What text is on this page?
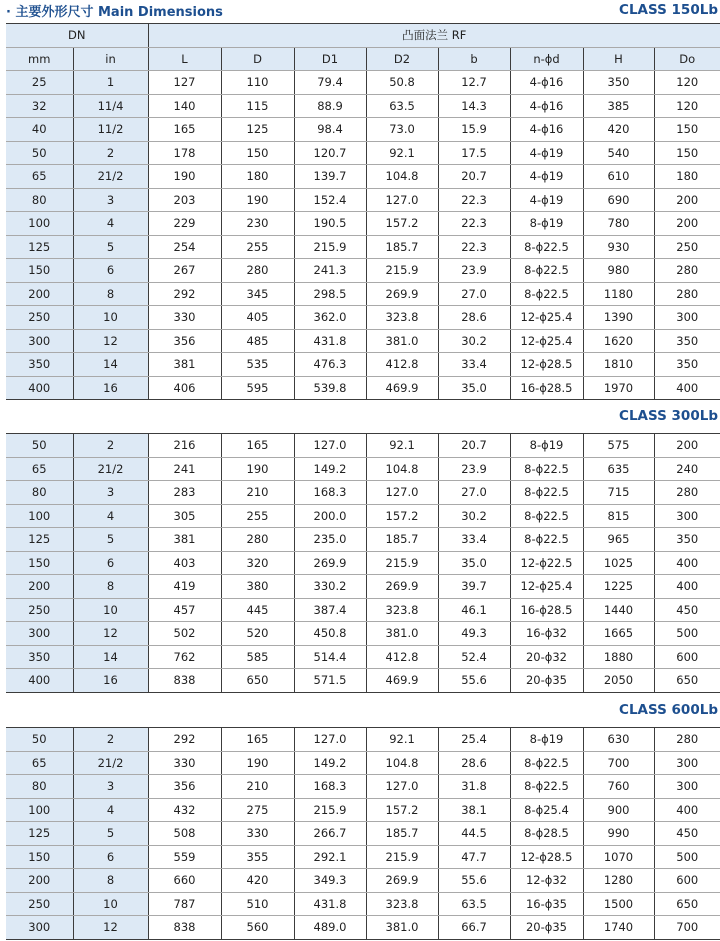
· 主要外形尺寸 Main Dimensions	CLASS 150Lb
DN		凸面法兰 RF							
mm	in	L	D	D1	D2	b	n-ϕd	H	Do
25	1	127	110	79.4	50.8	12.7	4-ϕ16	350	120
32	11/4	140	115	88.9	63.5	14.3	4-ϕ16	385	120
40	11/2	165	125	98.4	73.0	15.9	4-ϕ16	420	150
50	2	178	150	120.7	92.1	17.5	4-ϕ19	540	150
65	21/2	190	180	139.7	104.8	20.7	4-ϕ19	610	180
80	3	203	190	152.4	127.0	22.3	4-ϕ19	690	200
100	4	229	230	190.5	157.2	22.3	8-ϕ19	780	200
125	5	254	255	215.9	185.7	22.3	8-ϕ22.5	930	250
150	6	267	280	241.3	215.9	23.9	8-ϕ22.5	980	280
200	8	292	345	298.5	269.9	27.0	8-ϕ22.5	1180	280
250	10	330	405	362.0	323.8	28.6	12-ϕ25.4	1390	300
300	12	356	485	431.8	381.0	30.2	12-ϕ25.4	1620	350
350	14	381	535	476.3	412.8	33.4	12-ϕ28.5	1810	350
400	16	406	595	539.8	469.9	35.0	16-ϕ28.5	1970	400
CLASS 300Lb
50	2	216	165	127.0	92.1	20.7	8-ϕ19	575	200
65	21/2	241	190	149.2	104.8	23.9	8-ϕ22.5	635	240
80	3	283	210	168.3	127.0	27.0	8-ϕ22.5	715	280
100	4	305	255	200.0	157.2	30.2	8-ϕ22.5	815	300
125	5	381	280	235.0	185.7	33.4	8-ϕ22.5	965	350
150	6	403	320	269.9	215.9	35.0	12-ϕ22.5	1025	400
200	8	419	380	330.2	269.9	39.7	12-ϕ25.4	1225	400
250	10	457	445	387.4	323.8	46.1	16-ϕ28.5	1440	450
300	12	502	520	450.8	381.0	49.3	16-ϕ32	1665	500
350	14	762	585	514.4	412.8	52.4	20-ϕ32	1880	600
400	16	838	650	571.5	469.9	55.6	20-ϕ35	2050	650
CLASS 600Lb
50	2	292	165	127.0	92.1	25.4	8-ϕ19	630	280
65	21/2	330	190	149.2	104.8	28.6	8-ϕ22.5	700	300
80	3	356	210	168.3	127.0	31.8	8-ϕ22.5	760	300
100	4	432	275	215.9	157.2	38.1	8-ϕ25.4	900	400
125	5	508	330	266.7	185.7	44.5	8-ϕ28.5	990	450
150	6	559	355	292.1	215.9	47.7	12-ϕ28.5	1070	500
200	8	660	420	349.3	269.9	55.6	12-ϕ32	1280	600
250	10	787	510	431.8	323.8	63.5	16-ϕ35	1500	650
300	12	838	560	489.0	381.0	66.7	20-ϕ35	1740	700
